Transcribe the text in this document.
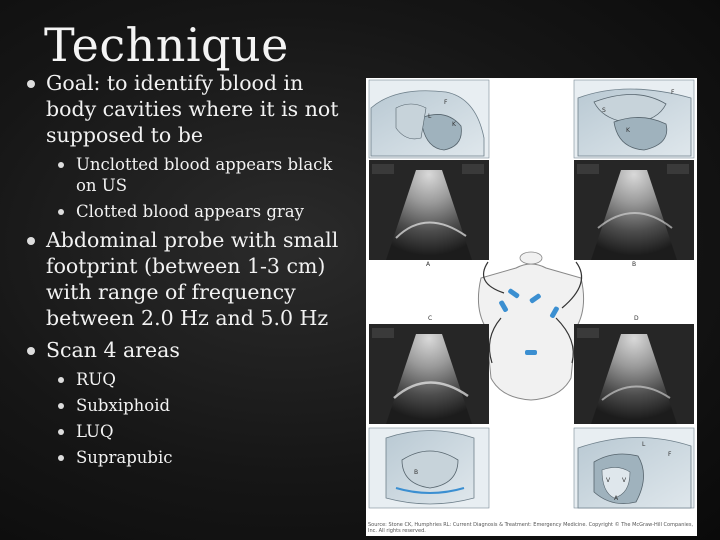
Technique
Goal: to identify blood in body cavities where it is not supposed to be
Unclotted blood appears black on US
Clotted blood appears gray
Abdominal probe with small footprint (between 1-3 cm) with range of frequency between 2.0 Hz and 5.0 Hz
Scan 4 areas
RUQ
Subxiphoid
LUQ
Suprapubic
F
L
K
F
S
K
A	B
C	D
B
L
F
V V
A
Source: Stone CK, Humphries RL: Current Diagnosis & Treatment: Emergency Medicine. Copyright © The McGraw-Hill Companies, Inc. All rights reserved.
